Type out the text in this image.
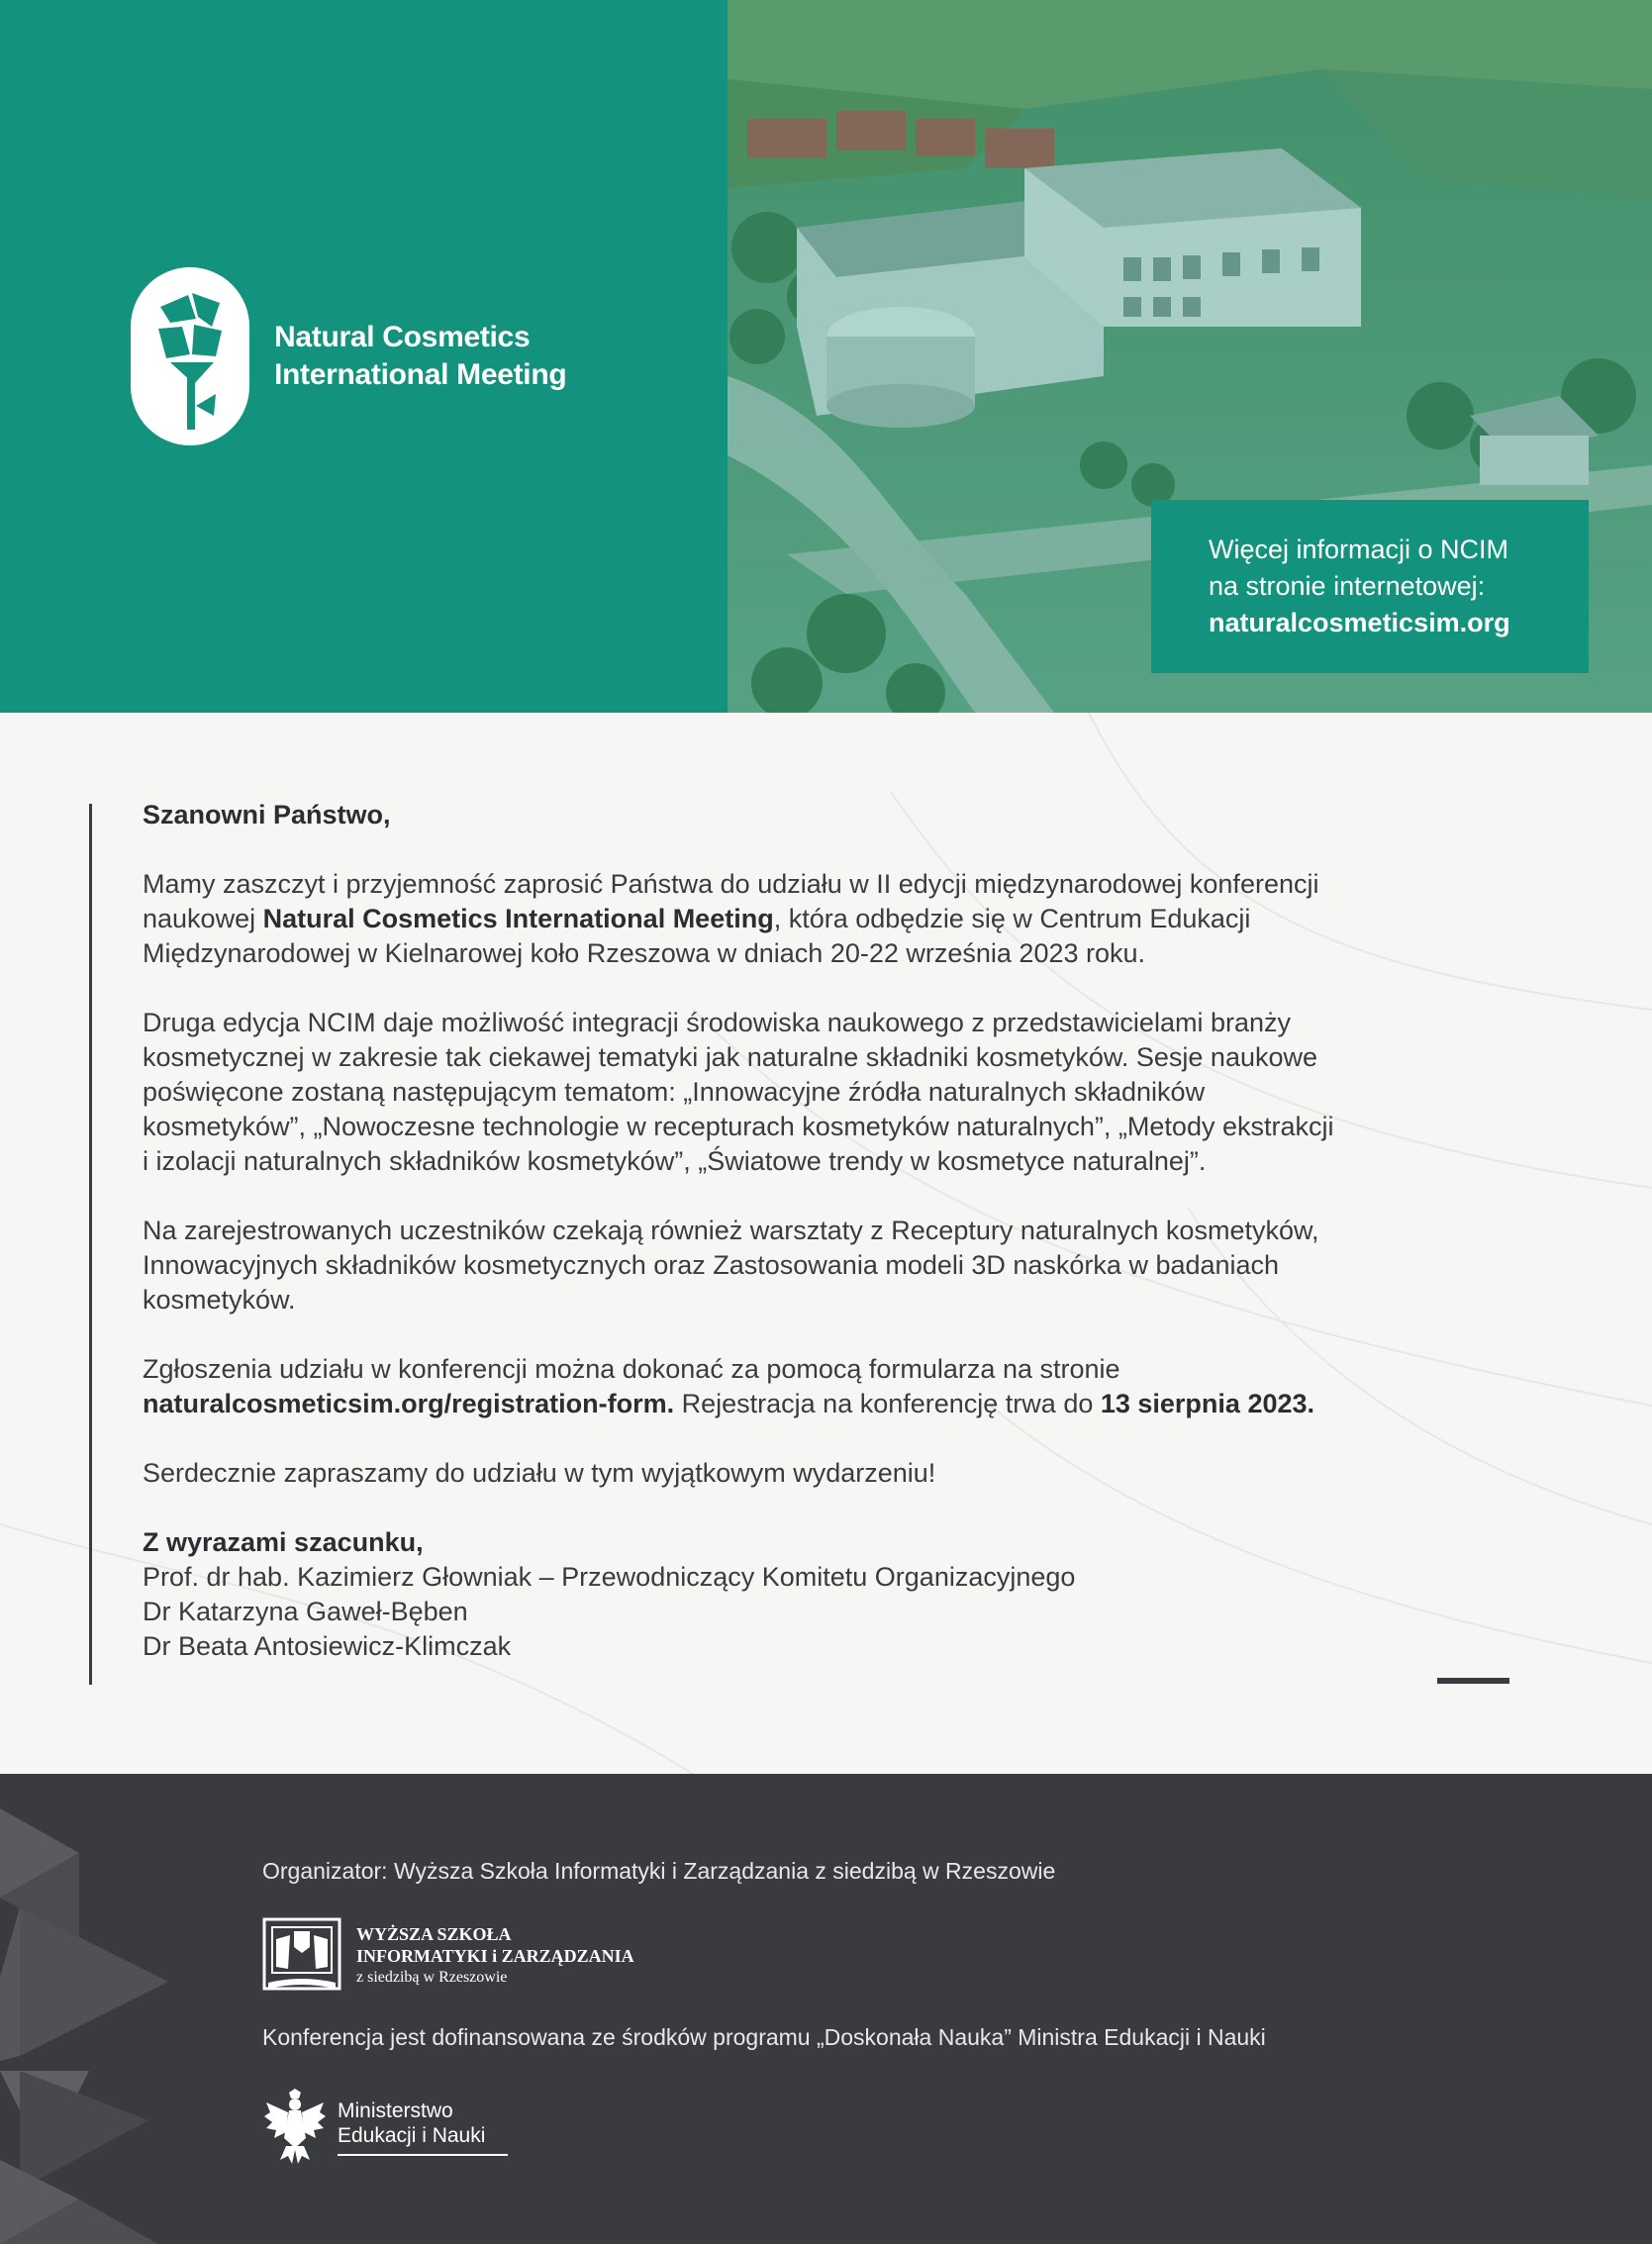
Natural Cosmetics
International Meeting
Więcej informacji o NCIM
na stronie internetowej:
naturalcosmeticsim.org

Szanowni Państwo,

Mamy zaszczyt i przyjemność zaprosić Państwa do udziału w II edycji międzynarodowej konferencji
naukowej Natural Cosmetics International Meeting, która odbędzie się w Centrum Edukacji
Międzynarodowej w Kielnarowej koło Rzeszowa w dniach 20-22 września 2023 roku.

Druga edycja NCIM daje możliwość integracji środowiska naukowego z przedstawicielami branży
kosmetycznej w zakresie tak ciekawej tematyki jak naturalne składniki kosmetyków. Sesje naukowe
poświęcone zostaną następującym tematom: „Innowacyjne źródła naturalnych składników
kosmetyków”, „Nowoczesne technologie w recepturach kosmetyków naturalnych”, „Metody ekstrakcji
i izolacji naturalnych składników kosmetyków”, „Światowe trendy w kosmetyce naturalnej”.

Na zarejestrowanych uczestników czekają również warsztaty z Receptury naturalnych kosmetyków,
Innowacyjnych składników kosmetycznych oraz Zastosowania modeli 3D naskórka w badaniach
kosmetyków.

Zgłoszenia udziału w konferencji można dokonać za pomocą formularza na stronie
naturalcosmeticsim.org/registration-form. Rejestracja na konferencję trwa do 13 sierpnia 2023.

Serdecznie zapraszamy do udziału w tym wyjątkowym wydarzeniu!

Z wyrazami szacunku,
Prof. dr hab. Kazimierz Głowniak – Przewodniczący Komitetu Organizacyjnego
Dr Katarzyna Gaweł-Bęben
Dr Beata Antosiewicz-Klimczak

Organizator: Wyższa Szkoła Informatyki i Zarządzania z siedzibą w Rzeszowie
WYŻSZA SZKOŁA
INFORMATYKI i ZARZĄDZANIA
z siedzibą w Rzeszowie
Konferencja jest dofinansowana ze środków programu „Doskonała Nauka” Ministra Edukacji i Nauki
Ministerstwo
Edukacji i Nauki
